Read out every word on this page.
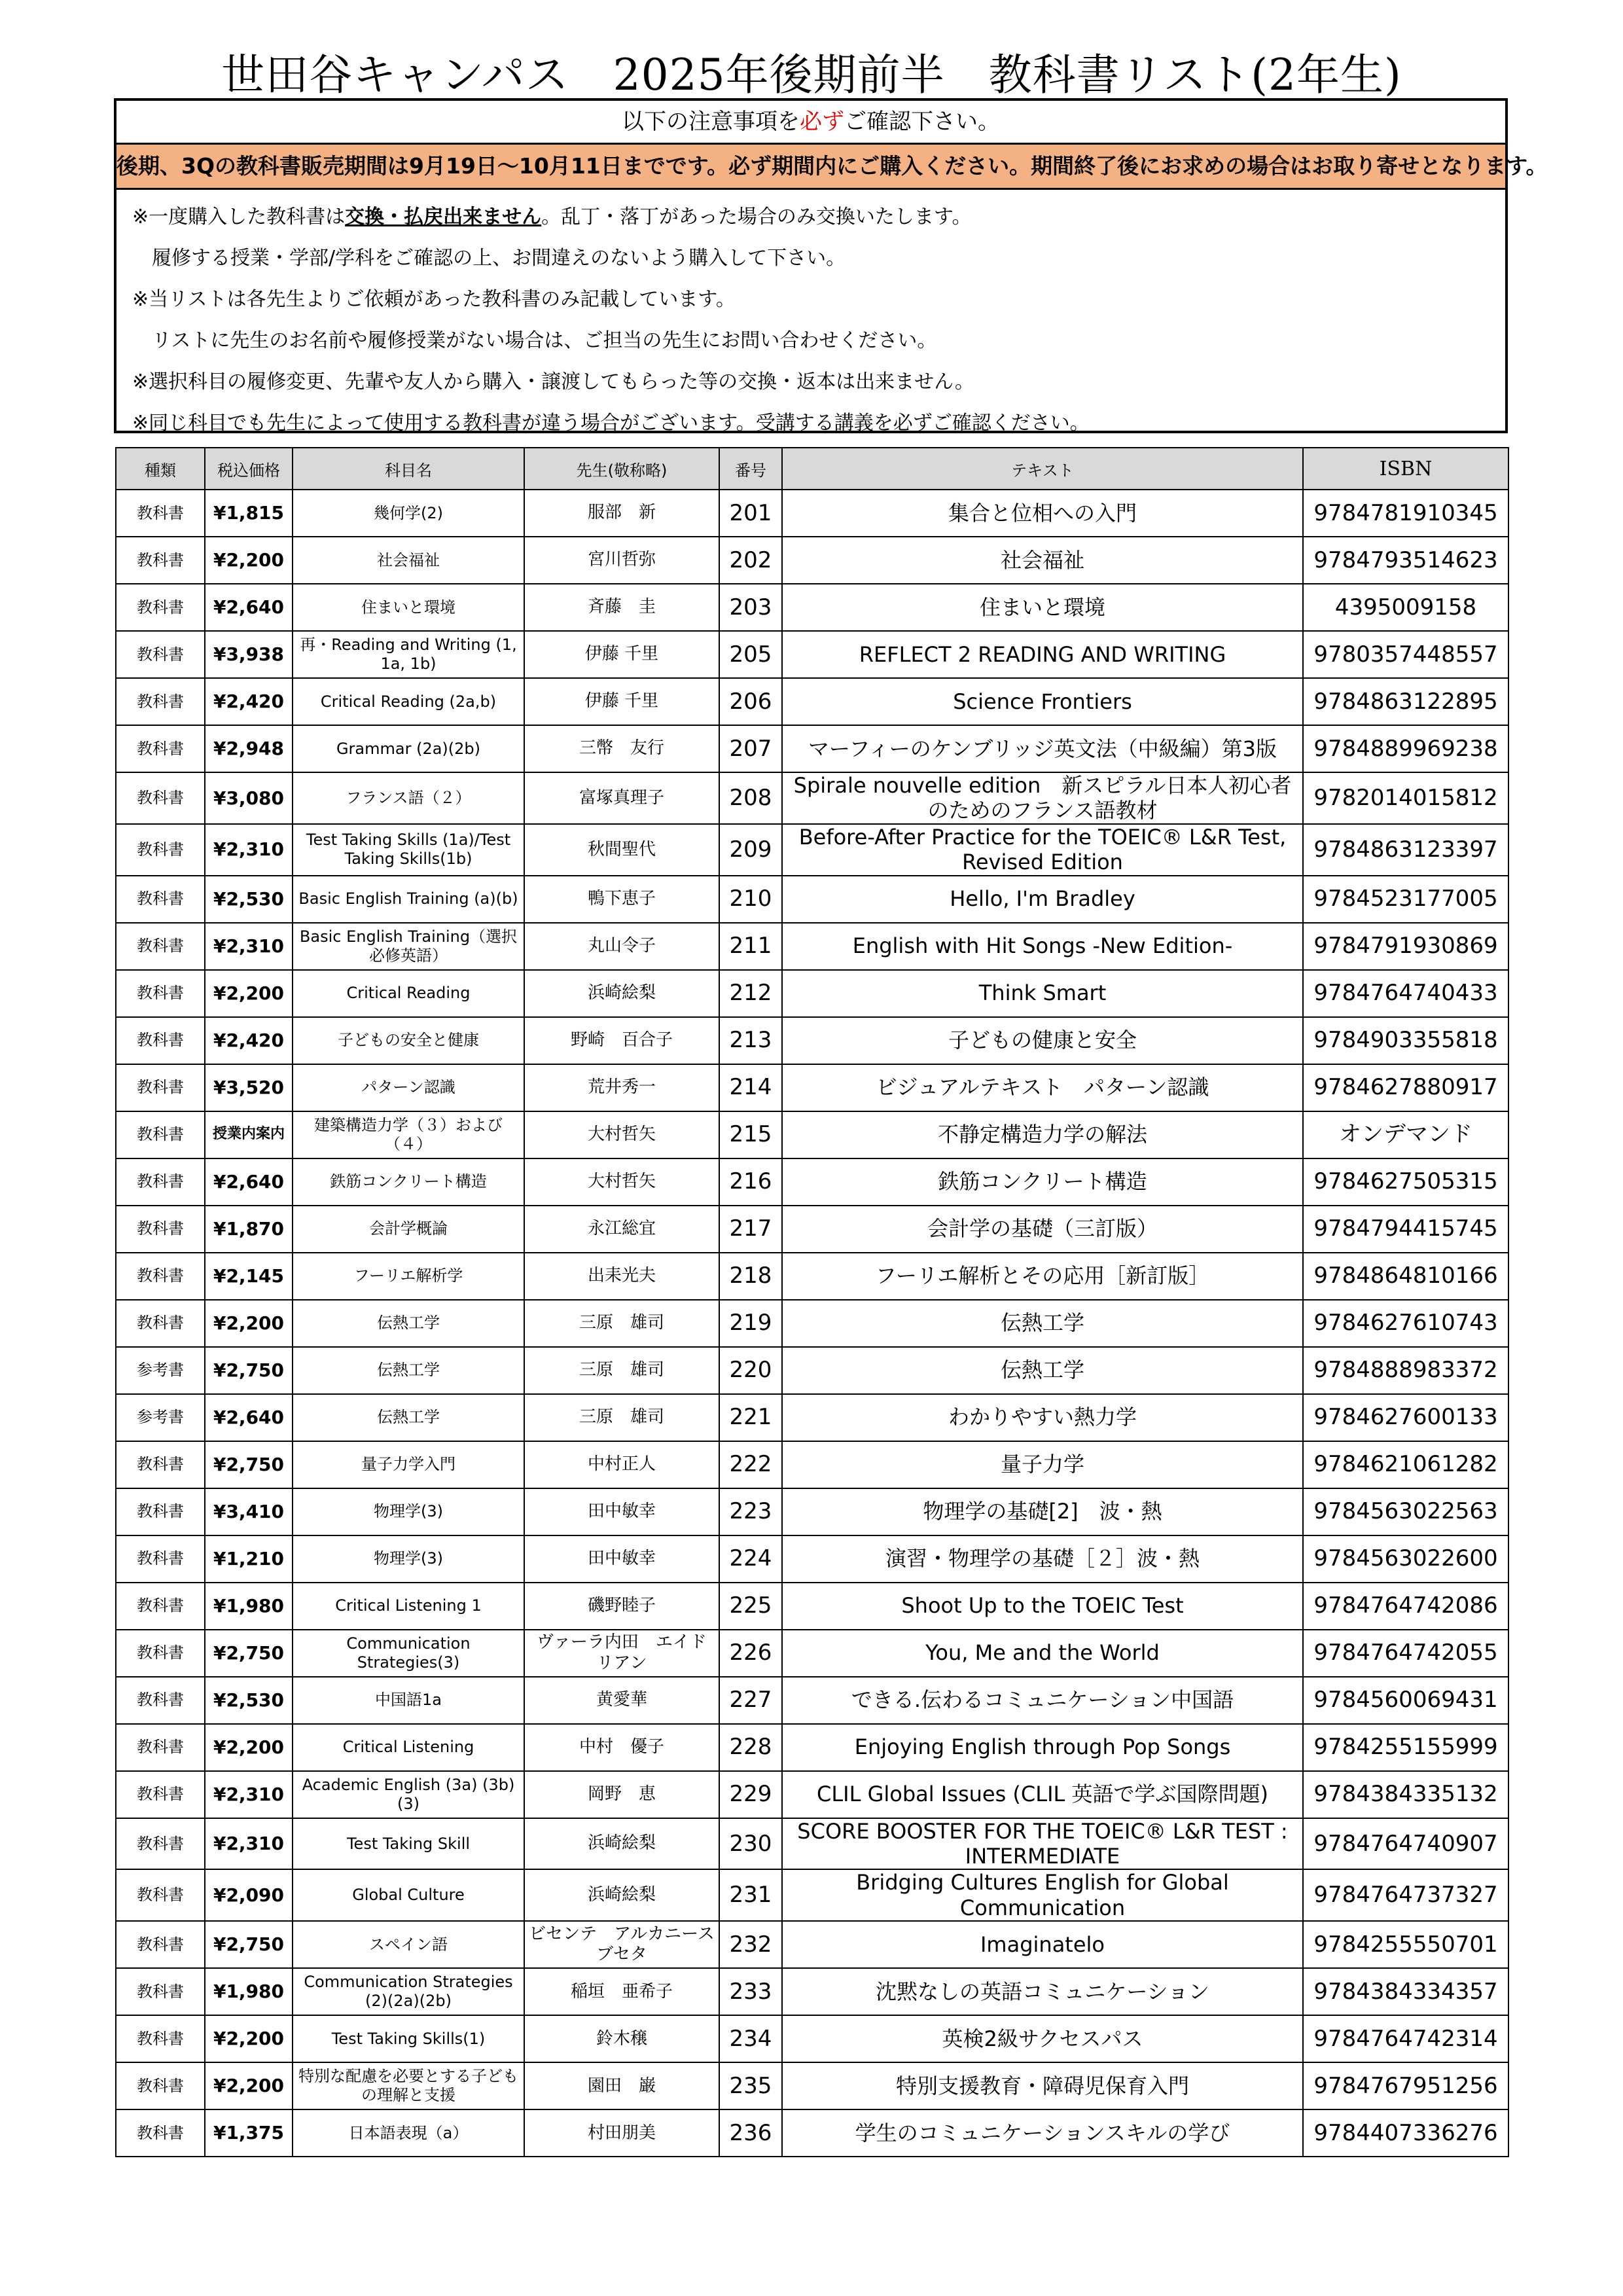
世田谷キャンパス　2025年後期前半　教科書リスト(2年生)
以下の注意事項を必ずご確認下さい。
後期、3Qの教科書販売期間は9月19日～10月11日までです。必ず期間内にご購入ください。期間終了後にお求めの場合はお取り寄せとなります。
※一度購入した教科書は交換・払戻出来ません。乱丁・落丁があった場合のみ交換いたします。
履修する授業・学部/学科をご確認の上、お間違えのないよう購入して下さい。
※当リストは各先生よりご依頼があった教科書のみ記載しています。
リストに先生のお名前や履修授業がない場合は、ご担当の先生にお問い合わせください。
※選択科目の履修変更、先輩や友人から購入・譲渡してもらった等の交換・返本は出来ません。
※同じ科目でも先生によって使用する教科書が違う場合がございます。受講する講義を必ずご確認ください。
種類	税込価格	科目名	先生(敬称略)	番号	テキスト	ISBN
教科書	¥1,815	幾何学(2)	服部　新	201	集合と位相への入門	9784781910345
教科書	¥2,200	社会福祉	宮川哲弥	202	社会福祉	9784793514623
教科書	¥2,640	住まいと環境	斉藤　圭	203	住まいと環境	4395009158
教科書	¥3,938	再・Reading and Writing (1, 1a, 1b)	伊藤 千里	205	REFLECT 2 READING AND WRITING	9780357448557
教科書	¥2,420	Critical Reading (2a,b)	伊藤 千里	206	Science Frontiers	9784863122895
教科書	¥2,948	Grammar (2a)(2b)	三幣　友行	207	マーフィーのケンブリッジ英文法（中級編）第3版	9784889969238
教科書	¥3,080	フランス語（２）	富塚真理子	208	Spirale nouvelle edition　新スピラル日本人初心者のためのフランス語教材	9782014015812
教科書	¥2,310	Test Taking Skills (1a)/Test Taking Skills(1b)	秋間聖代	209	Before-After Practice for the TOEIC® L&R Test, Revised Edition	9784863123397
教科書	¥2,530	Basic English Training (a)(b)	鴨下恵子	210	Hello, I'm Bradley	9784523177005
教科書	¥2,310	Basic English Training（選択必修英語）	丸山令子	211	English with Hit Songs -New Edition-	9784791930869
教科書	¥2,200	Critical Reading	浜崎絵梨	212	Think Smart	9784764740433
教科書	¥2,420	子どもの安全と健康	野崎　百合子	213	子どもの健康と安全	9784903355818
教科書	¥3,520	パターン認識	荒井秀一	214	ビジュアルテキスト　パターン認識	9784627880917
教科書	授業内案内	建築構造力学（３）および（４）	大村哲矢	215	不静定構造力学の解法	オンデマンド
教科書	¥2,640	鉄筋コンクリート構造	大村哲矢	216	鉄筋コンクリート構造	9784627505315
教科書	¥1,870	会計学概論	永江総宜	217	会計学の基礎（三訂版）	9784794415745
教科書	¥2,145	フーリエ解析学	出耒光夫	218	フーリエ解析とその応用［新訂版］	9784864810166
教科書	¥2,200	伝熱工学	三原　雄司	219	伝熱工学	9784627610743
参考書	¥2,750	伝熱工学	三原　雄司	220	伝熱工学	9784888983372
参考書	¥2,640	伝熱工学	三原　雄司	221	わかりやすい熱力学	9784627600133
教科書	¥2,750	量子力学入門	中村正人	222	量子力学	9784621061282
教科書	¥3,410	物理学(3)	田中敏幸	223	物理学の基礎[2]　波・熱	9784563022563
教科書	¥1,210	物理学(3)	田中敏幸	224	演習・物理学の基礎［２］波・熱	9784563022600
教科書	¥1,980	Critical Listening 1	磯野睦子	225	Shoot Up to the TOEIC Test	9784764742086
教科書	¥2,750	Communication Strategies(3)	ヴァーラ内田　エイドリアン	226	You, Me and the World	9784764742055
教科書	¥2,530	中国語1a	黄愛華	227	できる.伝わるコミュニケーション中国語	9784560069431
教科書	¥2,200	Critical Listening	中村　優子	228	Enjoying English through Pop Songs	9784255155999
教科書	¥2,310	Academic English (3a) (3b) (3)	岡野　恵	229	CLIL Global Issues (CLIL 英語で学ぶ国際問題)	9784384335132
教科書	¥2,310	Test Taking Skill	浜崎絵梨	230	SCORE BOOSTER FOR THE TOEIC® L&R TEST : INTERMEDIATE	9784764740907
教科書	¥2,090	Global Culture	浜崎絵梨	231	Bridging Cultures English for Global Communication	9784764737327
教科書	¥2,750	スペイン語	ビセンテ　アルカニース　ブセタ	232	Imaginatelo	9784255550701
教科書	¥1,980	Communication Strategies (2)(2a)(2b)	稲垣　亜希子	233	沈黙なしの英語コミュニケーション	9784384334357
教科書	¥2,200	Test Taking Skills(1)	鈴木穣	234	英検2級サクセスパス	9784764742314
教科書	¥2,200	特別な配慮を必要とする子どもの理解と支援	園田　巌	235	特別支援教育・障碍児保育入門	9784767951256
教科書	¥1,375	日本語表現（a）	村田朋美	236	学生のコミュニケーションスキルの学び	9784407336276
